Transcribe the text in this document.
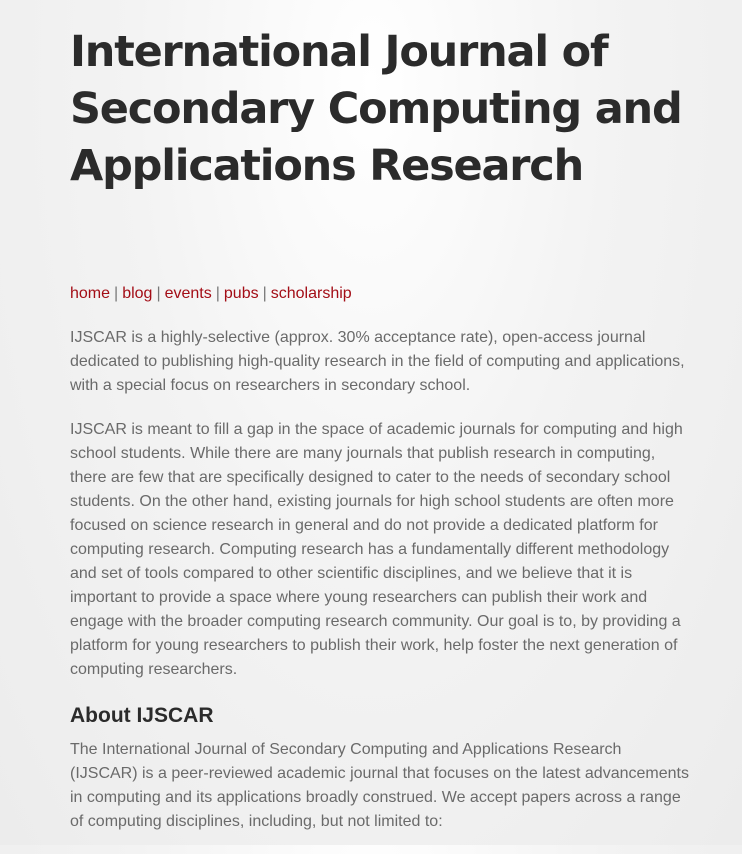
International Journal of Secondary Computing and Applications Research
home | blog | events | pubs | scholarship

IJSCAR is a highly-selective (approx. 30% acceptance rate), open-access journal dedicated to publishing high-quality research in the field of computing and applications, with a special focus on researchers in secondary school.

IJSCAR is meant to fill a gap in the space of academic journals for computing and high school students. While there are many journals that publish research in computing, there are few that are specifically designed to cater to the needs of secondary school students. On the other hand, existing journals for high school students are often more focused on science research in general and do not provide a dedicated platform for computing research. Computing research has a fundamentally different methodology and set of tools compared to other scientific disciplines, and we believe that it is important to provide a space where young researchers can publish their work and engage with the broader computing research community. Our goal is to, by providing a platform for young researchers to publish their work, help foster the next generation of computing researchers.

About IJSCAR

The International Journal of Secondary Computing and Applications Research (IJSCAR) is a peer-reviewed academic journal that focuses on the latest advancements in computing and its applications broadly construed. We accept papers across a range of computing disciplines, including, but not limited to:
